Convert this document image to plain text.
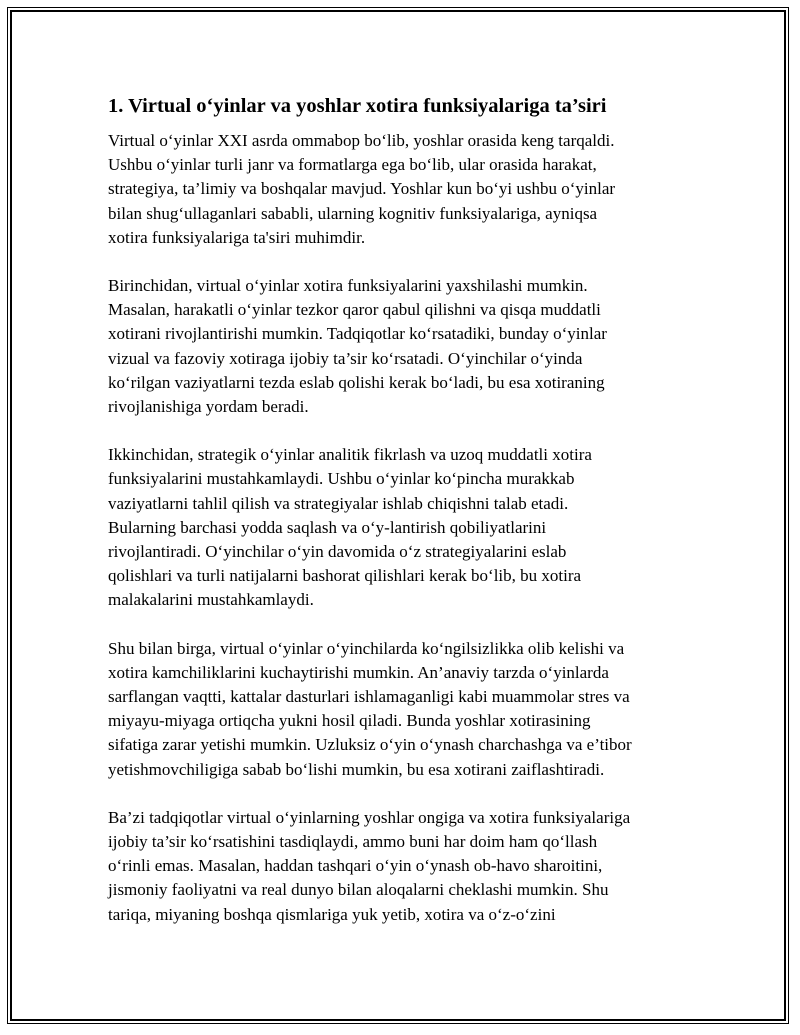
1. Virtual o‘yinlar va yoshlar xotira funksiyalariga ta’siri
Virtual o‘yinlar XXI asrda ommabop bo‘lib, yoshlar orasida keng tarqaldi.
Ushbu o‘yinlar turli janr va formatlarga ega bo‘lib, ular orasida harakat,
strategiya, ta’limiy va boshqalar mavjud. Yoshlar kun bo‘yi ushbu o‘yinlar
bilan shug‘ullaganlari sababli, ularning kognitiv funksiyalariga, ayniqsa
xotira funksiyalariga ta'siri muhimdir.
Birinchidan, virtual o‘yinlar xotira funksiyalarini yaxshilashi mumkin.
Masalan, harakatli o‘yinlar tezkor qaror qabul qilishni va qisqa muddatli
xotirani rivojlantirishi mumkin. Tadqiqotlar ko‘rsatadiki, bunday o‘yinlar
vizual va fazoviy xotiraga ijobiy ta’sir ko‘rsatadi. O‘yinchilar o‘yinda
ko‘rilgan vaziyatlarni tezda eslab qolishi kerak bo‘ladi, bu esa xotiraning
rivojlanishiga yordam beradi.
Ikkinchidan, strategik o‘yinlar analitik fikrlash va uzoq muddatli xotira
funksiyalarini mustahkamlaydi. Ushbu o‘yinlar ko‘pincha murakkab
vaziyatlarni tahlil qilish va strategiyalar ishlab chiqishni talab etadi.
Bularning barchasi yodda saqlash va o‘y-lantirish qobiliyatlarini
rivojlantiradi. O‘yinchilar o‘yin davomida o‘z strategiyalarini eslab
qolishlari va turli natijalarni bashorat qilishlari kerak bo‘lib, bu xotira
malakalarini mustahkamlaydi.
Shu bilan birga, virtual o‘yinlar o‘yinchilarda ko‘ngilsizlikka olib kelishi va
xotira kamchiliklarini kuchaytirishi mumkin. An’anaviy tarzda o‘yinlarda
sarflangan vaqtti, kattalar dasturlari ishlamaganligi kabi muammolar stres va
miyayu-miyaga ortiqcha yukni hosil qiladi. Bunda yoshlar xotirasining
sifatiga zarar yetishi mumkin. Uzluksiz o‘yin o‘ynash charchashga va e’tibor
yetishmovchiligiga sabab bo‘lishi mumkin, bu esa xotirani zaiflashtiradi.
Ba’zi tadqiqotlar virtual o‘yinlarning yoshlar ongiga va xotira funksiyalariga
ijobiy ta’sir ko‘rsatishini tasdiqlaydi, ammo buni har doim ham qo‘llash
o‘rinli emas. Masalan, haddan tashqari o‘yin o‘ynash ob-havo sharoitini,
jismoniy faoliyatni va real dunyo bilan aloqalarni cheklashi mumkin. Shu
tariqa, miyaning boshqa qismlariga yuk yetib, xotira va o‘z-o‘zini
